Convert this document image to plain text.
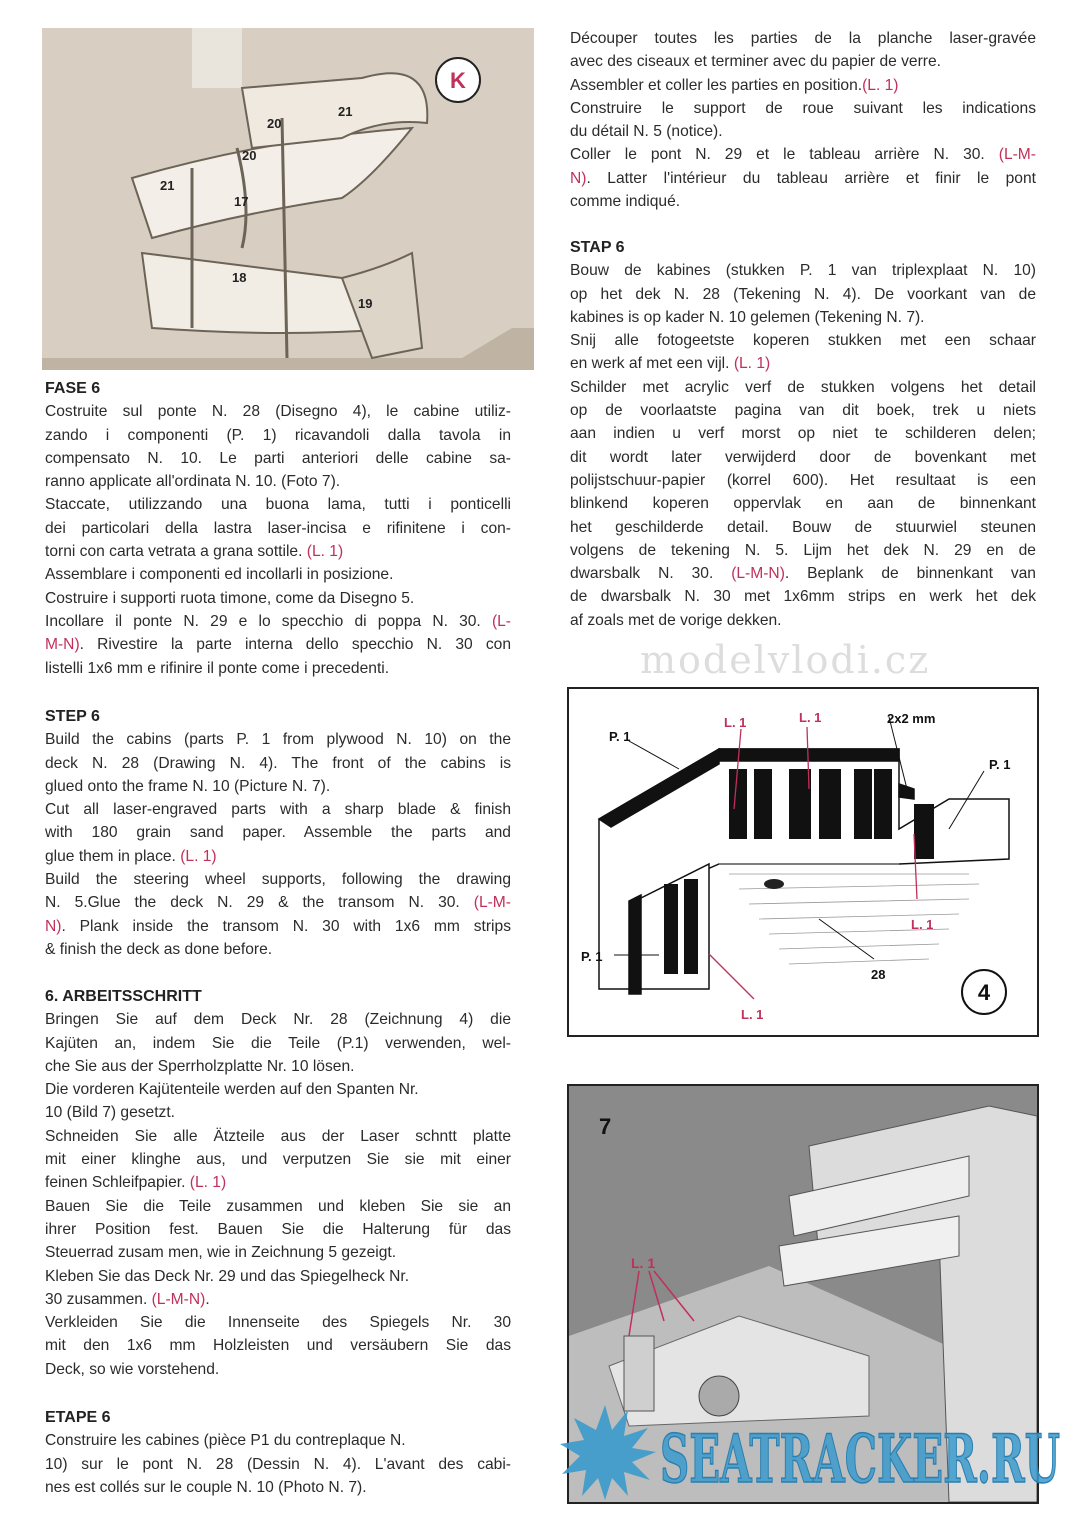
K
21
20
20
21
17
18
19
P. 1
L. 1	L. 1	2x2 mm
P. 1
L. 1
P. 1
28
L. 1
4
7
L. 1
FASE 6
Costruite sul ponte N. 28 (Disegno 4), le cabine utiliz-
zando i componenti (P. 1) ricavandoli dalla tavola in
compensato N. 10. Le parti anteriori delle cabine sa-
ranno applicate all'ordinata N. 10. (Foto 7).
Staccate, utilizzando una buona lama, tutti i ponticelli
dei particolari della lastra laser-incisa e rifinitene i con-
torni con carta vetrata a grana sottile. (L. 1)
Assemblare i componenti ed incollarli in posizione.
Costruire i supporti ruota timone, come da Disegno 5.
Incollare il ponte N. 29 e lo specchio di poppa N. 30. (L-
M-N). Rivestire la parte interna dello specchio N. 30 con
listelli 1x6 mm e rifinire il ponte come i precedenti.
STEP 6
Build the cabins (parts P. 1 from plywood N. 10) on the
deck N. 28 (Drawing N. 4). The front of the cabins is
glued onto the frame N. 10 (Picture N. 7).
Cut all laser-engraved parts with a sharp blade & finish
with 180 grain sand paper. Assemble the parts and
glue them in place. (L. 1)
Build the steering wheel supports, following the drawing
N. 5.Glue the deck N. 29 & the transom N. 30. (L-M-
N). Plank inside the transom N. 30 with 1x6 mm strips
& finish the deck as done before.
6. ARBEITSSCHRITT
Bringen Sie auf dem Deck Nr. 28 (Zeichnung 4) die
Kajüten an, indem Sie die Teile (P.1) verwenden, wel-
che Sie aus der Sperrholzplatte Nr. 10 lösen.
Die vorderen Kajütenteile werden auf den Spanten Nr.
10 (Bild 7) gesetzt.
Schneiden Sie alle Ätzteile aus der Laser schntt platte
mit einer klinghe aus, und verputzen Sie sie mit einer
feinen Schleifpapier. (L. 1)
Bauen Sie die Teile zusammen und kleben Sie sie an
ihrer Position fest. Bauen Sie die Halterung für das
Steuerrad zusam men, wie in Zeichnung 5 gezeigt.
Kleben Sie das Deck Nr. 29 und das Spiegelheck Nr.
30 zusammen. (L-M-N).
Verkleiden Sie die Innenseite des Spiegels Nr. 30
mit den 1x6 mm Holzleisten und versäubern Sie das
Deck, so wie vorstehend.
ETAPE 6
Construire les cabines (pièce P1 du contreplaque N.
10) sur le pont N. 28 (Dessin N. 4). L'avant des cabi-
nes est collés sur le couple N. 10 (Photo N. 7).
Découper toutes les parties de la planche laser-gravée
avec des ciseaux et terminer avec du papier de verre.
Assembler et coller les parties en position.(L. 1)
Construire le support de roue suivant les indications
du détail N. 5 (notice).
Coller le pont N. 29 et le tableau arrière N. 30. (L-M-
N). Latter l'intérieur du tableau arrière et finir le pont
comme indiqué.
STAP 6
Bouw de kabines (stukken P. 1 van triplexplaat N. 10)
op het dek N. 28 (Tekening N. 4). De voorkant van de
kabines is op kader N. 10 gelemen (Tekening N. 7).
Snij alle fotogeetste koperen stukken met een schaar
en werk af met een vijl. (L. 1)
Schilder met acrylic verf de stukken volgens het detail
op de voorlaatste pagina van dit boek, trek u niets
aan indien u verf morst op niet te schilderen delen;
dit wordt later verwijderd door de bovenkant met
polijstschuur-papier (korrel 600). Het resultaat is een
blinkend koperen oppervlak en aan de binnenkant
het geschilderde detail. Bouw de stuurwiel steunen
volgens de tekening N. 5. Lijm het dek N. 29 en de
dwarsbalk N. 30. (L-M-N). Beplank de binnenkant van
de dwarsbalk N. 30 met 1x6mm strips en werk het dek
af zoals met de vorige dekken.
modelvlodi.cz
SEATRACKER.RU
